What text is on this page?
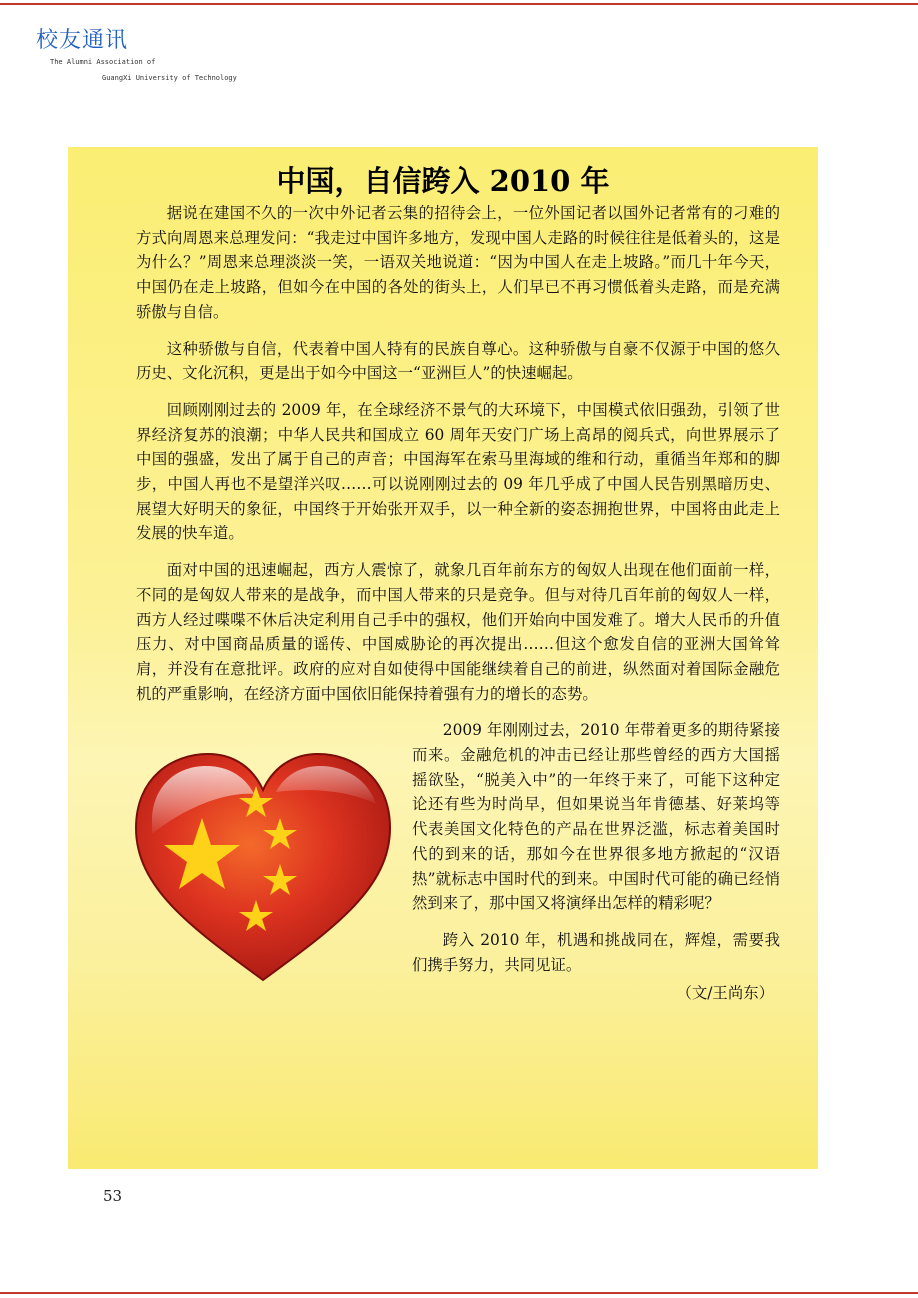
校友通讯
The Alumni Association of
GuangXi University of Technology
中国，自信跨入 2010 年

据说在建国不久的一次中外记者云集的招待会上，一位外国记者以国外记者常有的刁难的方式向周恩来总理发问：“我走过中国许多地方，发现中国人走路的时候往往是低着头的，这是为什么？”周恩来总理淡淡一笑，一语双关地说道：“因为中国人在走上坡路。”而几十年今天，中国仍在走上坡路，但如今在中国的各处的街头上，人们早已不再习惯低着头走路，而是充满骄傲与自信。

这种骄傲与自信，代表着中国人特有的民族自尊心。这种骄傲与自豪不仅源于中国的悠久历史、文化沉积，更是出于如今中国这一“亚洲巨人”的快速崛起。

回顾刚刚过去的 2009 年，在全球经济不景气的大环境下，中国模式依旧强劲，引领了世界经济复苏的浪潮；中华人民共和国成立 60 周年天安门广场上高昂的阅兵式，向世界展示了中国的强盛，发出了属于自己的声音；中国海军在索马里海域的维和行动，重循当年郑和的脚步，中国人再也不是望洋兴叹……可以说刚刚过去的 09 年几乎成了中国人民告别黑暗历史、展望大好明天的象征，中国终于开始张开双手，以一种全新的姿态拥抱世界，中国将由此走上发展的快车道。

面对中国的迅速崛起，西方人震惊了，就象几百年前东方的匈奴人出现在他们面前一样，不同的是匈奴人带来的是战争，而中国人带来的只是竞争。但与对待几百年前的匈奴人一样，西方人经过喋喋不休后决定利用自己手中的强权，他们开始向中国发难了。增大人民币的升值压力、对中国商品质量的谣传、中国威胁论的再次提出……但这个愈发自信的亚洲大国耸耸肩，并没有在意批评。政府的应对自如使得中国能继续着自己的前进，纵然面对着国际金融危机的严重影响，在经济方面中国依旧能保持着强有力的增长的态势。

2009 年刚刚过去，2010 年带着更多的期待紧接而来。金融危机的冲击已经让那些曾经的西方大国摇摇欲坠，“脱美入中”的一年终于来了，可能下这种定论还有些为时尚早，但如果说当年肯德基、好莱坞等代表美国文化特色的产品在世界泛滥，标志着美国时代的到来的话，那如今在世界很多地方掀起的“汉语热”就标志中国时代的到来。中国时代可能的确已经悄然到来了，那中国又将演绎出怎样的精彩呢？

跨入 2010 年，机遇和挑战同在，辉煌，需要我们携手努力，共同见证。

（文/王尚东）
53
